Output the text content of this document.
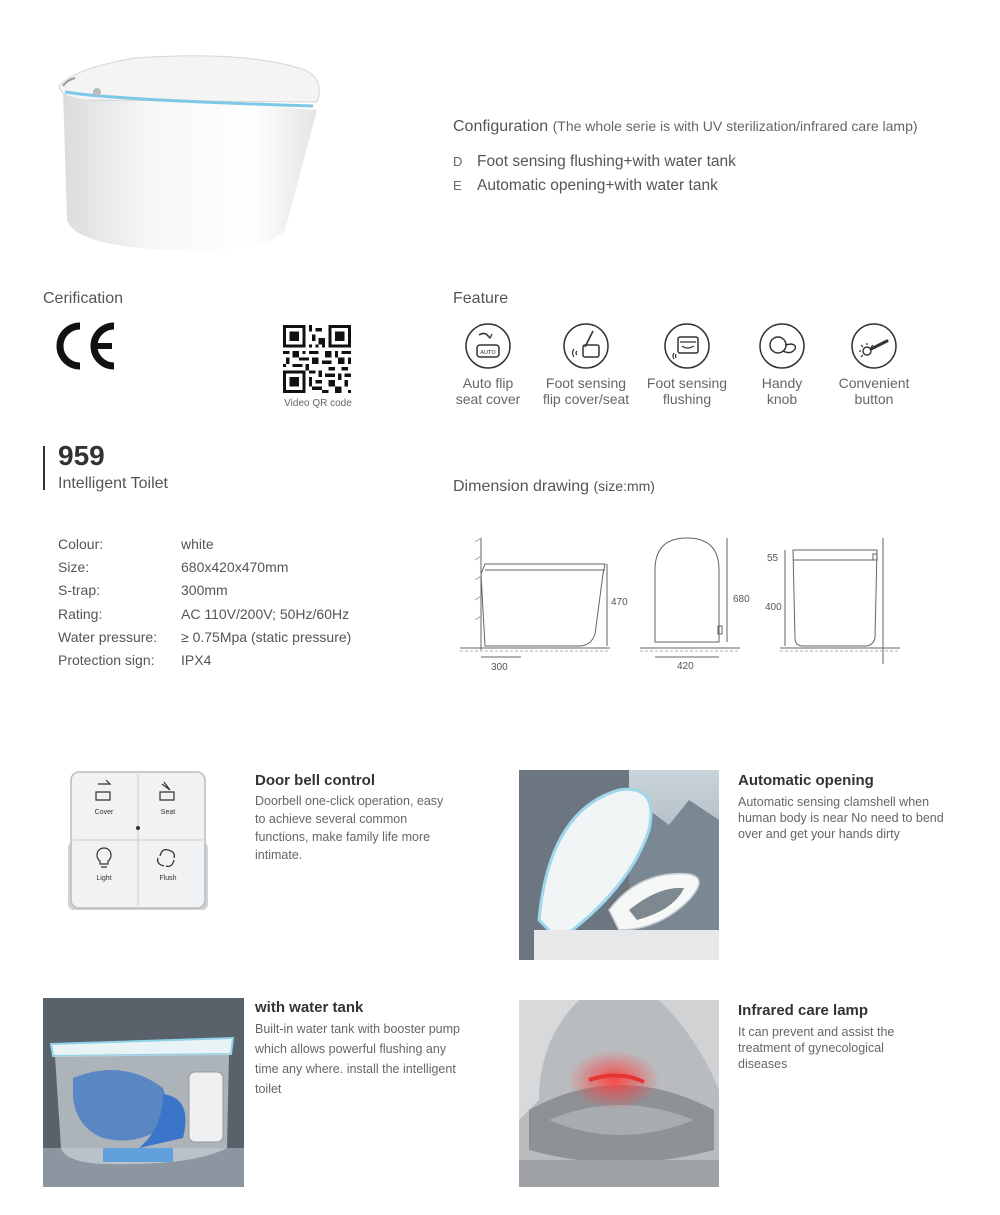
Configuration (The whole serie is with UV sterilization/infrared care lamp)
D Foot sensing flushing+with water tank
E Automatic opening+with water tank
Cerification
Video QR code
Feature
AUTO
Auto flip
seat cover
Foot sensing
flip cover/seat
Foot sensing
flushing
Handy
knob
Convenient
button
959
Intelligent Toilet
Colour:	white
Size:	680x420x470mm
S-trap:	300mm
Rating:	AC 110V/200V; 50Hz/60Hz
Water pressure: ≥ 0.75Mpa (static pressure)
Protection sign: IPX4
Dimension drawing (size:mm)
470
300
680
420
55
400
Cover	Seat
Light	Flush
Door bell control
Doorbell one-click operation, easy to achieve several common functions, make family life more intimate.
Automatic opening
Automatic sensing clamshell when human body is near No need to bend over and get your hands dirty
with water tank
Built-in water tank with booster pump which allows powerful flushing any time any where. install the intelligent toilet
Infrared care lamp
It can prevent and assist the treatment of gynecological diseases
